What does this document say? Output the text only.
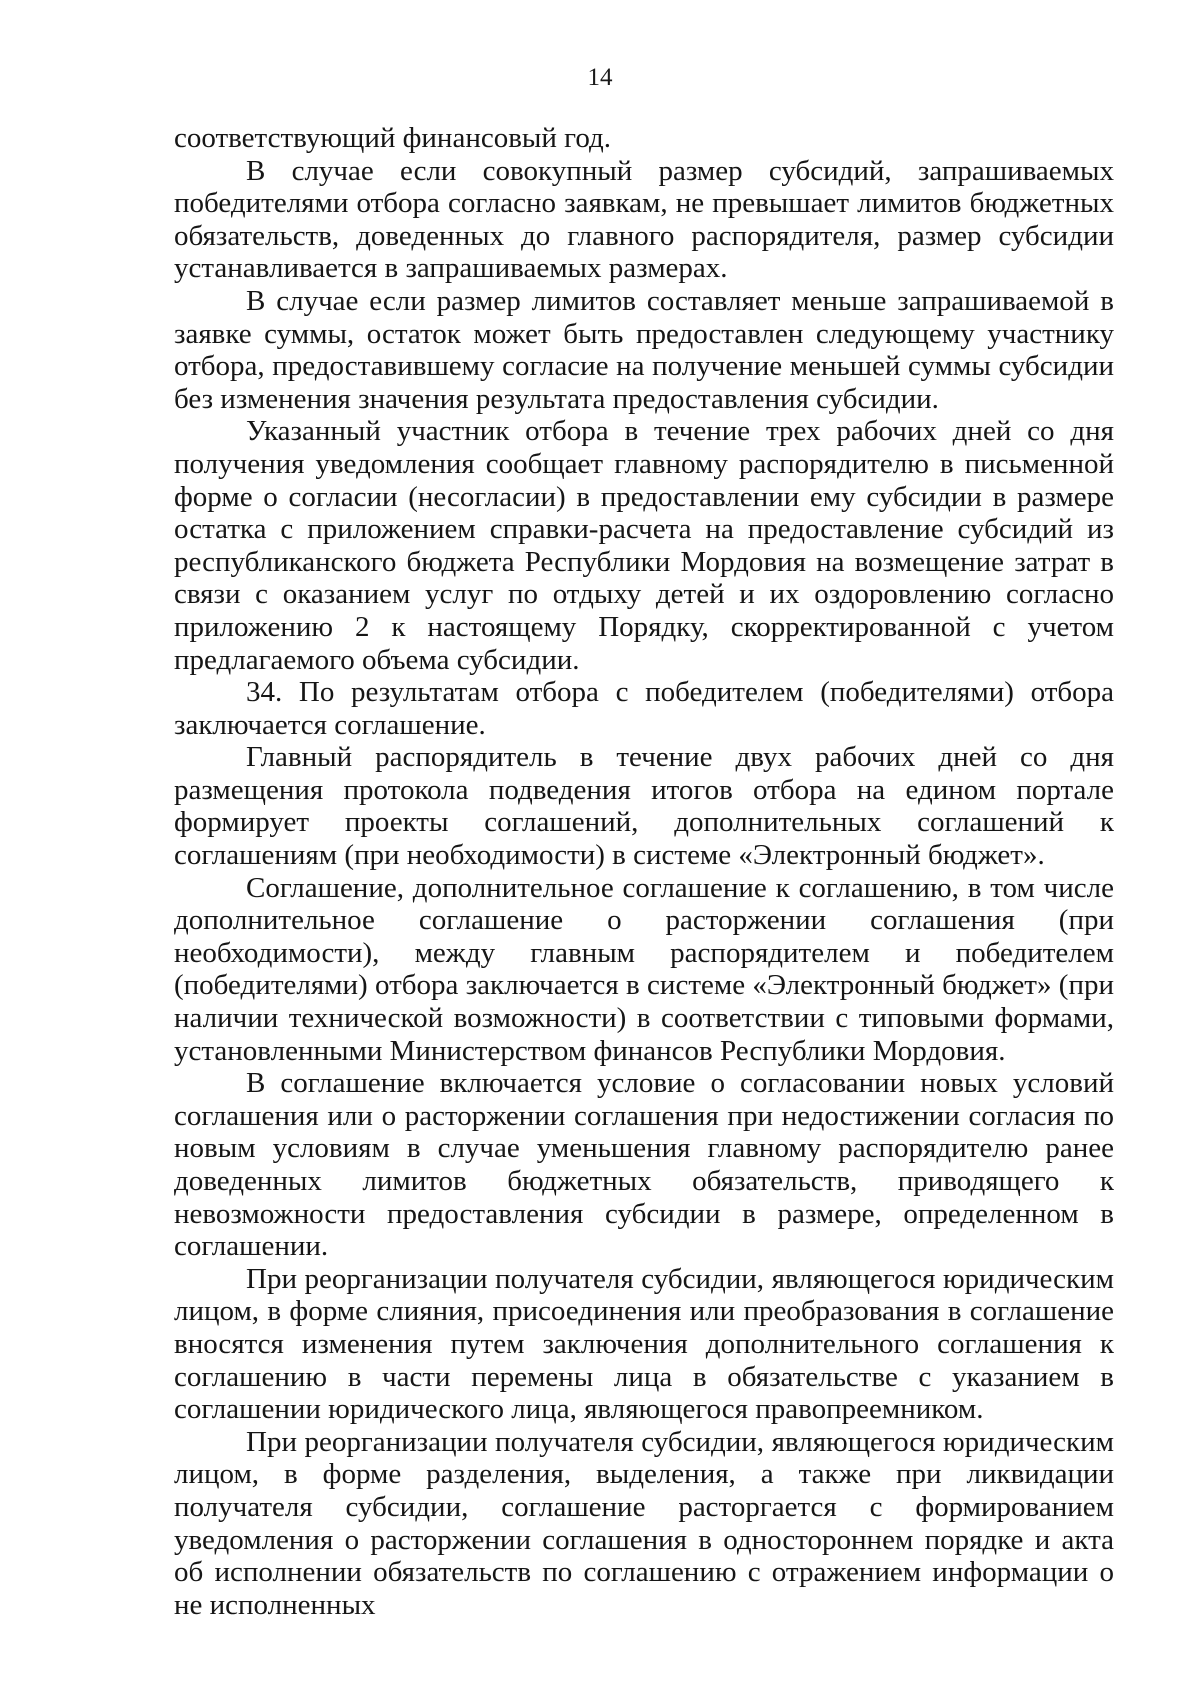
14

соответствующий финансовый год.

В случае если совокупный размер субсидий, запрашиваемых победителями отбора согласно заявкам, не превышает лимитов бюджетных обязательств, доведенных до главного распорядителя, размер субсидии устанавливается в запрашиваемых размерах.

В случае если размер лимитов составляет меньше запрашиваемой в заявке суммы, остаток может быть предоставлен следующему участнику отбора, предоставившему согласие на получение меньшей суммы субсидии без изменения значения результата предоставления субсидии.

Указанный участник отбора в течение трех рабочих дней со дня получения уведомления сообщает главному распорядителю в письменной форме о согласии (несогласии) в предоставлении ему субсидии в размере остатка с приложением справки-расчета на предоставление субсидий из республиканского бюджета Республики Мордовия на возмещение затрат в связи с оказанием услуг по отдыху детей и их оздоровлению согласно приложению 2 к настоящему Порядку, скорректированной с учетом предлагаемого объема субсидии.

34. По результатам отбора с победителем (победителями) отбора заключается соглашение.

Главный распорядитель в течение двух рабочих дней со дня размещения протокола подведения итогов отбора на едином портале формирует проекты соглашений, дополнительных соглашений к соглашениям (при необходимости) в системе «Электронный бюджет».

Соглашение, дополнительное соглашение к соглашению, в том числе дополнительное соглашение о расторжении соглашения (при необходимости), между главным распорядителем и победителем (победителями) отбора заключается в системе «Электронный бюджет» (при наличии технической возможности) в соответствии с типовыми формами, установленными Министерством финансов Республики Мордовия.

В соглашение включается условие о согласовании новых условий соглашения или о расторжении соглашения при недостижении согласия по новым условиям в случае уменьшения главному распорядителю ранее доведенных лимитов бюджетных обязательств, приводящего к невозможности предоставления субсидии в размере, определенном в соглашении.

При реорганизации получателя субсидии, являющегося юридическим лицом, в форме слияния, присоединения или преобразования в соглашение вносятся изменения путем заключения дополнительного соглашения к соглашению в части перемены лица в обязательстве с указанием в соглашении юридического лица, являющегося правопреемником.

При реорганизации получателя субсидии, являющегося юридическим лицом, в форме разделения, выделения, а также при ликвидации получателя субсидии, соглашение расторгается с формированием уведомления о расторжении соглашения в одностороннем порядке и акта об исполнении обязательств по соглашению с отражением информации о не исполненных
